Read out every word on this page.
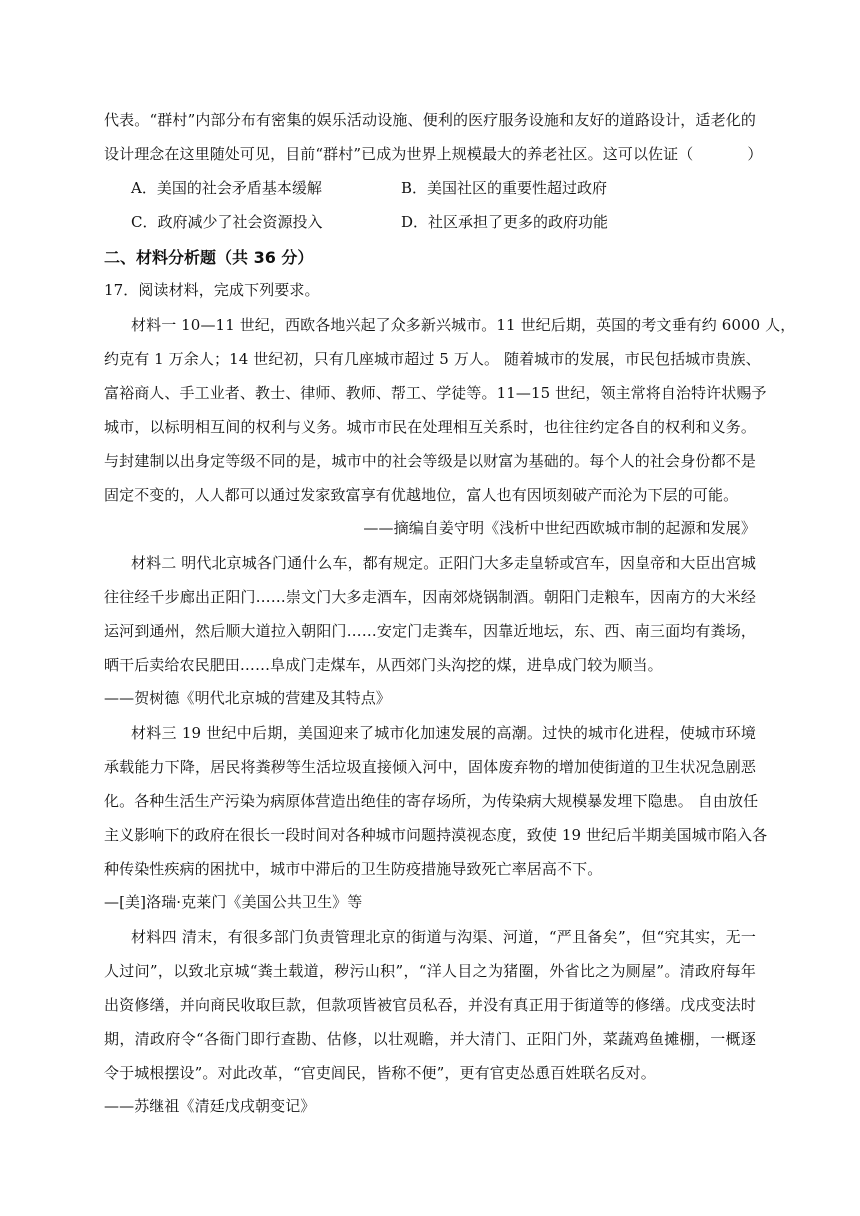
代表。“群村”内部分布有密集的娱乐活动设施、便利的医疗服务设施和友好的道路设计，适老化的
设计理念在这里随处可见，目前“群村”已成为世界上规模最大的养老社区。这可以佐证（	）
A．美国的社会矛盾基本缓解	B．美国社区的重要性超过政府
C．政府减少了社会资源投入	D．社区承担了更多的政府功能
二、材料分析题（共 36 分）
17．阅读材料，完成下列要求。
材料一 10—11 世纪，西欧各地兴起了众多新兴城市。11 世纪后期，英国的考文垂有约 6000 人，
约克有 1 万余人；14 世纪初，只有几座城市超过 5 万人。 随着城市的发展，市民包括城市贵族、
富裕商人、手工业者、教士、律师、教师、帮工、学徒等。11—15 世纪，领主常将自治特许状赐予
城市，以标明相互间的权利与义务。城市市民在处理相互关系时，也往往约定各自的权利和义务。
与封建制以出身定等级不同的是，城市中的社会等级是以财富为基础的。每个人的社会身份都不是
固定不变的，人人都可以通过发家致富享有优越地位，富人也有因顷刻破产而沦为下层的可能。
——摘编自姜守明《浅析中世纪西欧城市制的起源和发展》
材料二 明代北京城各门通什么车，都有规定。正阳门大多走皇轿或宫车，因皇帝和大臣出宫城
往往经千步廊出正阳门……崇文门大多走酒车，因南郊烧锅制酒。朝阳门走粮车，因南方的大米经
运河到通州，然后顺大道拉入朝阳门……安定门走粪车，因靠近地坛，东、西、南三面均有粪场，
晒干后卖给农民肥田……阜成门走煤车，从西郊门头沟挖的煤，进阜成门较为顺当。
——贺树德《明代北京城的营建及其特点》
材料三 19 世纪中后期，美国迎来了城市化加速发展的高潮。过快的城市化进程，使城市环境
承载能力下降，居民将粪秽等生活垃圾直接倾入河中，固体废弃物的增加使街道的卫生状况急剧恶
化。各种生活生产污染为病原体营造出绝佳的寄存场所，为传染病大规模暴发埋下隐患。 自由放任
主义影响下的政府在很长一段时间对各种城市问题持漠视态度，致使 19 世纪后半期美国城市陷入各
种传染性疾病的困扰中，城市中滞后的卫生防疫措施导致死亡率居高不下。
—[美]洛瑞·克莱门《美国公共卫生》等
材料四 清末，有很多部门负责管理北京的街道与沟渠、河道，“严且备矣”，但“究其实，无一
人过问”，以致北京城“粪土载道，秽污山积”，“洋人目之为猪圈，外省比之为厕屋”。清政府每年
出资修缮，并向商民收取巨款，但款项皆被官员私吞，并没有真正用于街道等的修缮。戊戌变法时
期，清政府令“各衙门即行查勘、估修，以壮观瞻，并大清门、正阳门外，菜蔬鸡鱼摊棚，一概逐
令于城根摆设”。对此改革，“官吏闾民，皆称不便”，更有官吏怂恿百姓联名反对。
——苏继祖《清廷戊戌朝变记》
